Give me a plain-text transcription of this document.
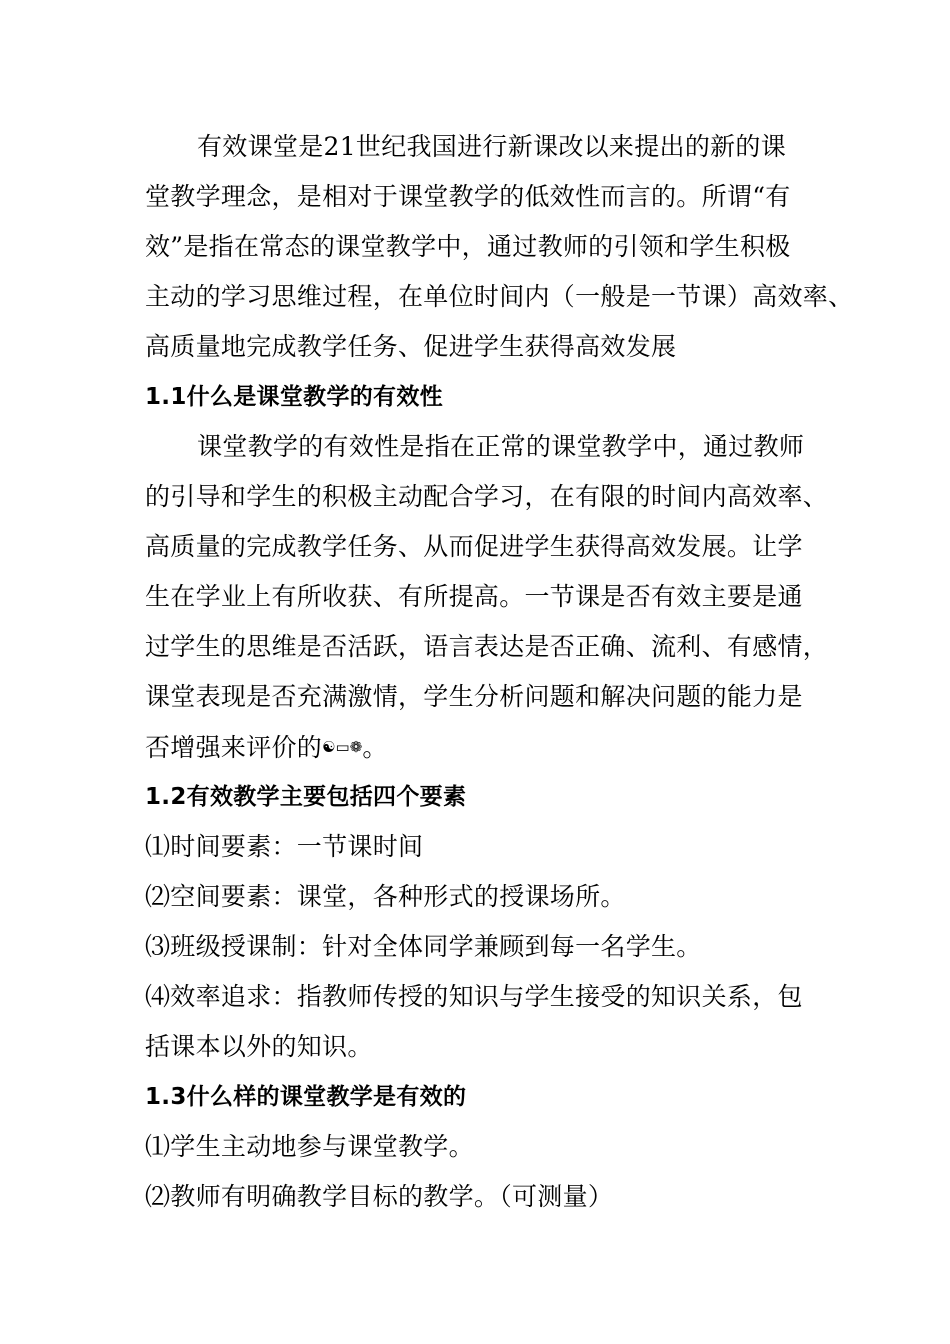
有效课堂是21世纪我国进行新课改以来提出的新的课
堂教学理念，是相对于课堂教学的低效性而言的。所谓“有
效”是指在常态的课堂教学中，通过教师的引领和学生积极
主动的学习思维过程，在单位时间内（一般是一节课）高效率、
高质量地完成教学任务、促进学生获得高效发展
1.1什么是课堂教学的有效性
课堂教学的有效性是指在正常的课堂教学中，通过教师
的引导和学生的积极主动配合学习，在有限的时间内高效率、
高质量的完成教学任务、从而促进学生获得高效发展。让学
生在学业上有所收获、有所提高。一节课是否有效主要是通
过学生的思维是否活跃，语言表达是否正确、流利、有感情，
课堂表现是否充满激情，学生分析问题和解决问题的能力是
否增强来评价的☯▭❁。
1.2有效教学主要包括四个要素
⑴时间要素：一节课时间
⑵空间要素：课堂，各种形式的授课场所。
⑶班级授课制：针对全体同学兼顾到每一名学生。
⑷效率追求：指教师传授的知识与学生接受的知识关系，包
括课本以外的知识。
1.3什么样的课堂教学是有效的
⑴学生主动地参与课堂教学。
⑵教师有明确教学目标的教学。（可测量）
